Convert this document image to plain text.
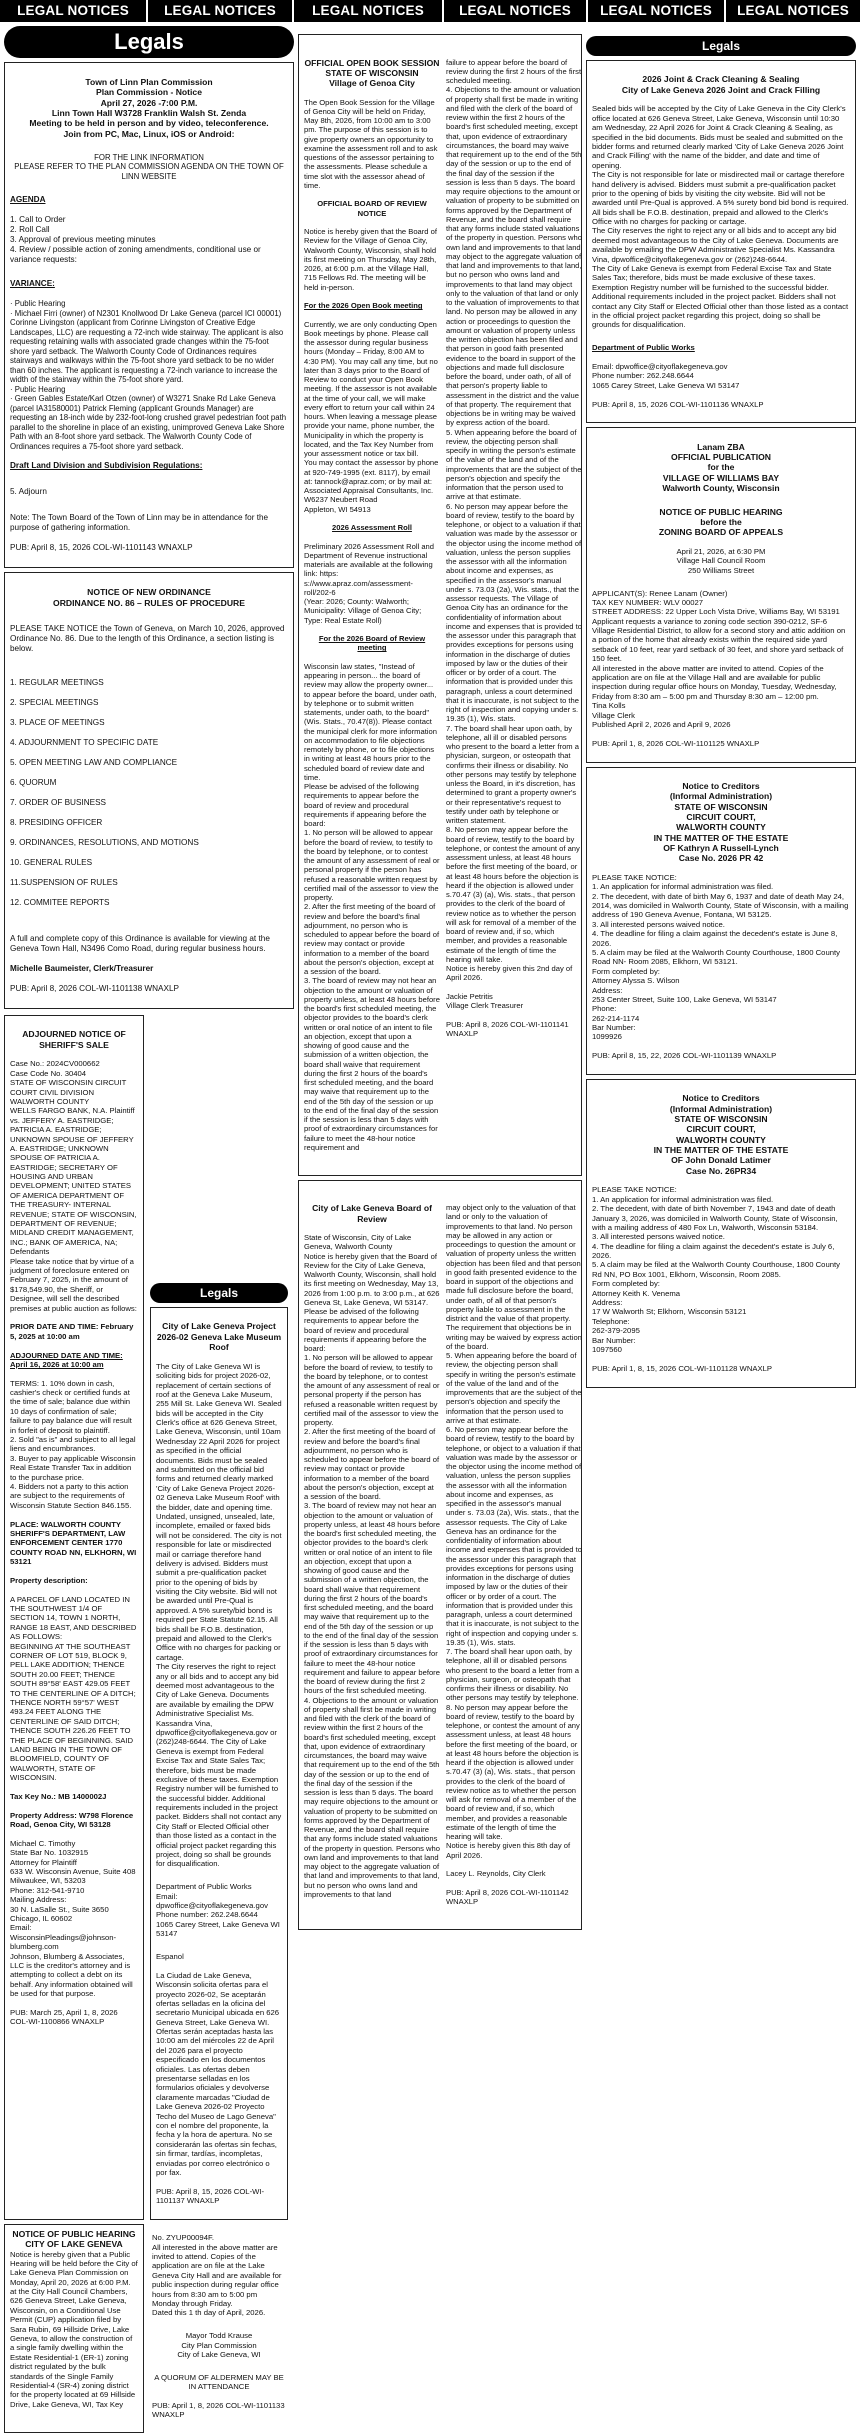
LEGAL NOTICES	LEGAL NOTICES	LEGAL NOTICES	LEGAL NOTICES	LEGAL NOTICES	LEGAL NOTICES
Legals

Town of Linn Plan Commission
Plan Commission - Notice
April 27, 2026 -7:00 P.M.
Linn Town Hall W3728 Franklin Walsh St. Zenda
Meeting to be held in person and by video, teleconference.
Join from PC, Mac, Linux, iOS or Android:

FOR THE LINK INFORMATION
PLEASE REFER TO THE PLAN COMMISSION AGENDA ON THE TOWN OF LINN WEBSITE

AGENDA

1. Call to Order
2. Roll Call
3. Approval of previous meeting minutes
4. Review / possible action of zoning amendments, conditional use or variance requests:

VARIANCE:

· Public Hearing
· Michael Firri (owner) of N2301 Knollwood Dr Lake Geneva (parcel ICI 00001) Corinne Livingston (applicant from Corinne Livingston of Creative Edge Landscapes, LLC) are requesting a 72-inch wide stairway. The applicant is also requesting retaining walls with associated grade changes within the 75-foot shore yard setback. The Walworth County Code of Ordinances requires stairways and walkways within the 75-foot shore yard setback to be no wider than 60 inches. The applicant is requesting a 72-inch variance to increase the width of the stairway within the 75-foot shore yard.
· Public Hearing
· Green Gables Estate/Karl Otzen (owner) of W3271 Snake Rd Lake Geneva (parcel IA31580001) Patrick Fleming (applicant Grounds Manager) are requesting an 18-inch wide by 232-foot-long crushed gravel pedestrian foot path parallel to the shoreline in place of an existing, unimproved Geneva Lake Shore Path with an 8-foot shore yard setback. The Walworth County Code of Ordinances requires a 75-foot shore yard setback.

Draft Land Division and Subdivision Regulations:

5. Adjourn

Note: The Town Board of the Town of Linn may be in attendance for the purpose of gathering information.

PUB: April 8, 15, 2026 COL-WI-1101143 WNAXLP

NOTICE OF NEW ORDINANCE
ORDINANCE NO. 86 – RULES OF PROCEDURE

PLEASE TAKE NOTICE the Town of Geneva, on March 10, 2026, approved Ordinance No. 86. Due to the length of this Ordinance, a section listing is below.

1. REGULAR MEETINGS

2. SPECIAL MEETINGS

3. PLACE OF MEETINGS

4. ADJOURNMENT TO SPECIFIC DATE

5. OPEN MEETING LAW AND COMPLIANCE

6. QUORUM

7. ORDER OF BUSINESS

8. PRESIDING OFFICER

9. ORDINANCES, RESOLUTIONS, AND MOTIONS

10. GENERAL RULES

11.SUSPENSION OF RULES

12. COMMITEE REPORTS

A full and complete copy of this Ordinance is available for viewing at the Geneva Town Hall, N3496 Como Road, during regular business hours.

Michelle Baumeister, Clerk/Treasurer

PUB: April 8, 2026 COL-WI-1101138 WNAXLP

ADJOURNED NOTICE OF SHERIFF'S SALE

Case No.: 2024CV000662
Case Code No. 30404
STATE OF WISCONSIN CIRCUIT COURT CIVIL DIVISION WALWORTH COUNTY
WELLS FARGO BANK, N.A. Plaintiff vs. JEFFERY A. EASTRIDGE; PATRICIA A. EASTRIDGE; UNKNOWN SPOUSE OF JEFFERY A. EASTRIDGE; UNKNOWN SPOUSE OF PATRICIA A. EASTRIDGE; SECRETARY OF HOUSING AND URBAN DEVELOPMENT; UNITED STATES OF AMERICA DEPARTMENT OF THE TREASURY- INTERNAL REVENUE; STATE OF WISCONSIN, DEPARTMENT OF REVENUE; MIDLAND CREDIT MANAGEMENT, INC.; BANK OF AMERICA, NA; Defendants
Please take notice that by virtue of a judgment of foreclosure entered on February 7, 2025, in the amount of $178,549.90, the Sheriff, or Designee, will sell the described premises at public auction as follows:

PRIOR DATE AND TIME: February 5, 2025 at 10:00 am

ADJOURNED DATE AND TIME: April 16, 2026 at 10:00 am

TERMS: 1. 10% down in cash, cashier's check or certified funds at the time of sale; balance due within 10 days of confirmation of sale; failure to pay balance due will result in forfeit of deposit to plaintiff.
2. Sold "as is" and subject to all legal liens and encumbrances.
3. Buyer to pay applicable Wisconsin Real Estate Transfer Tax in addition to the purchase price.
4. Bidders not a party to this action are subject to the requirements of Wisconsin Statute Section 846.155.

PLACE: WALWORTH COUNTY SHERIFF'S DEPARTMENT, LAW ENFORCEMENT CENTER 1770 COUNTY ROAD NN, ELKHORN, WI 53121

Property description:

A PARCEL OF LAND LOCATED IN THE SOUTHWEST 1/4 OF SECTION 14, TOWN 1 NORTH, RANGE 18 EAST, AND DESCRIBED AS FOLLOWS:
BEGINNING AT THE SOUTHEAST CORNER OF LOT 519, BLOCK 9, PELL LAKE ADDITION; THENCE SOUTH 20.00 FEET; THENCE SOUTH 89°58' EAST 429.05 FEET TO THE CENTERLINE OF A DITCH; THENCE NORTH 59°57' WEST 493.24 FEET ALONG THE CENTERLINE OF SAID DITCH; THENCE SOUTH 226.26 FEET TO THE PLACE OF BEGINNING. SAID LAND BEING IN THE TOWN OF BLOOMFIELD, COUNTY OF WALWORTH, STATE OF WISCONSIN.

Tax Key No.: MB 1400002J

Property Address: W798 Florence Road, Genoa City, WI 53128

Michael C. Timothy
State Bar No. 1032915
Attorney for Plaintiff
633 W. Wisconsin Avenue, Suite 408
Milwaukee, WI, 53203
Phone: 312-541-9710
Mailing Address:
30 N. LaSalle St., Suite 3650
Chicago, IL 60602
Email: WisconsinPleadings@johnson-blumberg.com
Johnson, Blumberg & Associates, LLC is the creditor's attorney and is attempting to collect a debt on its behalf. Any information obtained will be used for that purpose.

PUB: March 25, April 1, 8, 2026 COL-WI-1100866 WNAXLP

Legals

City of Lake Geneva Project 2026-02 Geneva Lake Museum Roof

The City of Lake Geneva WI is soliciting bids for project 2026-02, replacement of certain sections of roof at the Geneva Lake Museum, 255 Mill St. Lake Geneva WI. Sealed bids will be accepted in the City Clerk's office at 626 Geneva Street, Lake Geneva, Wisconsin, until 10am Wednesday 22 April 2026 for project as specified in the official documents. Bids must be sealed and submitted on the official bid forms and returned clearly marked 'City of Lake Geneva Project 2026-02 Geneva Lake Museum Roof' with the bidder, date and opening time. Undated, unsigned, unsealed, late, incomplete, emailed or faxed bids will not be considered. The city is not responsible for late or misdirected mail or carriage therefore hand delivery is advised. Bidders must submit a pre-qualification packet prior to the opening of bids by visiting the City website. Bid will not be awarded until Pre-Qual is approved. A 5% surety/bid bond is required per State Statute 62.15. All bids shall be F.O.B. destination, prepaid and allowed to the Clerk's Office with no charges for packing or cartage.
The City reserves the right to reject any or all bids and to accept any bid deemed most advantageous to the City of Lake Geneva. Documents are available by emailing the DPW Administrative Specialist Ms. Kassandra Vina, dpwoffice@cityoflakegeneva.gov or (262)248-6644. The City of Lake Geneva is exempt from Federal Excise Tax and State Sales Tax; therefore, bids must be made exclusive of these taxes. Exemption Registry number will be furnished to the successful bidder. Additional requirements included in the project packet. Bidders shall not contact any City Staff or Elected Official other than those listed as a contact in the official project packet regarding this project, doing so shall be grounds for disqualification.

Department of Public Works
Email: dpwoffice@cityoflakegeneva.gov
Phone number: 262.248.6644
1065 Carey Street, Lake Geneva WI 53147

Espanol

La Ciudad de Lake Geneva, Wisconsin solicita ofertas para el proyecto 2026-02, Se aceptarán ofertas selladas en la oficina del secretario Municipal ubicada en 626 Geneva Street, Lake Geneva WI. Ofertas serán aceptadas hasta las 10:00 am del miércoles 22 de April del 2026 para el proyecto especificado en los documentos oficiales. Las ofertas deben presentarse selladas en los formularios oficiales y devolverse claramente marcadas "Ciudad de Lake Geneva 2026-02 Proyecto Techo del Museo de Lago Geneva" con el nombre del proponente, la fecha y la hora de apertura. No se considerarán las ofertas sin fechas, sin firmar, tardías, incompletas, enviadas por correo electrónico o por fax.

PUB: April 8, 15, 2026 COL-WI-1101137 WNAXLP

NOTICE OF PUBLIC HEARING CITY OF LAKE GENEVA

Notice is hereby given that a Public Hearing will be held before the City of Lake Geneva Plan Commission on Monday, April 20, 2026 at 6:00 P.M. at the City Hall Council Chambers, 626 Geneva Street, Lake Geneva, Wisconsin, on a Conditional Use Permit (CUP) application filed by Sara Rubin, 69 Hillside Drive, Lake Geneva, to allow the construction of a single family dwelling within the Estate Residential-1 (ER-1) zoning district regulated by the bulk standards of the Single Family Residential-4 (SR-4) zoning district for the property located at 69 Hillside Drive, Lake Geneva, WI, Tax Key

No. ZYUP00094F.
All interested in the above matter are invited to attend. Copies of the application are on file at the Lake Geneva City Hall and are available for public inspection during regular office hours from 8:30 am to 5:00 pm Monday through Friday.
Dated this 1 th day of April, 2026.

Mayor Todd Krause
City Plan Commission
City of Lake Geneva, WI

A QUORUM OF ALDERMEN MAY BE IN ATTENDANCE

PUB: April 1, 8, 2026 COL-WI-1101133 WNAXLP

OFFICIAL OPEN BOOK SESSION
STATE OF WISCONSIN
Village of Genoa City

The Open Book Session for the Village of Genoa City will be held on Friday, May 8th, 2026, from 10:00 am to 3:00 pm. The purpose of this session is to give property owners an opportunity to examine the assessment roll and to ask questions of the assessor pertaining to the assessments. Please schedule a time slot with the assessor ahead of time.

OFFICIAL BOARD OF REVIEW NOTICE

Notice is hereby given that the Board of Review for the Village of Genoa City, Walworth County, Wisconsin, shall hold its first meeting on Thursday, May 28th, 2026, at 6:00 p.m. at the Village Hall, 715 Fellows Rd. The meeting will be held in-person.

For the 2026 Open Book meeting

Currently, we are only conducting Open Book meetings by phone. Please call the assessor during regular business hours (Monday – Friday, 8:00 AM to 4:30 PM). You may call any time, but no later than 3 days prior to the Board of Review to conduct your Open Book meeting. If the assessor is not available at the time of your call, we will make every effort to return your call within 24 hours. When leaving a message please provide your name, phone number, the Municipality in which the property is located, and the Tax Key Number from your assessment notice or tax bill.
You may contact the assessor by phone at 920-749-1995 (ext. 8117), by email at: tannock@apraz.com; or by mail at:
Associated Appraisal Consultants, Inc. W6237 Neubert Road
Appleton, WI 54913

2026 Assessment Roll

Preliminary 2026 Assessment Roll and Department of Revenue instructional materials are available at the following link: https: s://www.apraz.com/assessment-roll/202-6
(Year: 2026; County: Walworth; Municipality: Village of Genoa City; Type: Real Estate Roll)

For the 2026 Board of Review meeting

Wisconsin law states, "Instead of appearing in person... the board of review may allow the property owner... to appear before the board, under oath, by telephone or to submit written statements, under oath, to the board" (Wis. Stats., 70.47(8)). Please contact the municipal clerk for more information on accommodation to file objections remotely by phone, or to file objections in writing at least 48 hours prior to the scheduled board of review date and time.
Please be advised of the following requirements to appear before the board of review and procedural requirements if appearing before the board:
1. No person will be allowed to appear before the board of review, to testify to the board by telephone, or to contest the amount of any assessment of real or personal property if the person has refused a reasonable written request by certified mail of the assessor to view the property.
2. After the first meeting of the board of review and before the board's final adjournment, no person who is scheduled to appear before the board of review may contact or provide information to a member of the board about the person's objection, except at a session of the board.
3. The board of review may not hear an objection to the amount or valuation of property unless, at least 48 hours before the board's first scheduled meeting, the objector provides to the board's clerk written or oral notice of an intent to file an objection, except that upon a showing of good cause and the submission of a written objection, the board shall waive that requirement during the first 2 hours of the board's first scheduled meeting, and the board may waive that requirement up to the end of the 5th day of the session or up to the end of the final day of the session if the session is less than 5 days with proof of extraordinary circumstances for failure to meet the 48-hour notice requirement and

failure to appear before the board of review during the first 2 hours of the first scheduled meeting.
4. Objections to the amount or valuation of property shall first be made in writing and filed with the clerk of the board of review within the first 2 hours of the board's first scheduled meeting, except that, upon evidence of extraordinary circumstances, the board may waive that requirement up to the end of the 5th day of the session or up to the end of the final day of the session if the session is less than 5 days. The board may require objections to the amount or valuation of property to be submitted on forms approved by the Department of Revenue, and the board shall require that any forms include stated valuations of the property in question. Persons who own land and improvements to that land may object to the aggregate valuation of that land and improvements to that land, but no person who owns land and improvements to that land may object only to the valuation of that land or only to the valuation of improvements to that land. No person may be allowed in any action or proceedings to question the amount or valuation of property unless the written objection has been filed and that person in good faith presented evidence to the board in support of the objections and made full disclosure before the board, under oath, of all of that person's property liable to assessment in the district and the value of that property. The requirement that objections be in writing may be waived by express action of the board.
5. When appearing before the board of review, the objecting person shall specify in writing the person's estimate of the value of the land and of the improvements that are the subject of the person's objection and specify the information that the person used to arrive at that estimate.
6. No person may appear before the board of review, testify to the board by telephone, or object to a valuation if that valuation was made by the assessor or the objector using the income method of valuation, unless the person supplies the assessor with all the information about income and expenses, as specified in the assessor's manual under s. 73.03 (2a), Wis. stats., that the assessor requests. The Village of Genoa City has an ordinance for the confidentiality of information about income and expenses that is provided to the assessor under this paragraph that provides exceptions for persons using information in the discharge of duties imposed by law or the duties of their officer or by order of a court. The information that is provided under this paragraph, unless a court determined that it is inaccurate, is not subject to the right of inspection and copying under s. 19.35 (1), Wis. stats.
7. The board shall hear upon oath, by telephone, all ill or disabled persons who present to the board a letter from a physician, surgeon, or osteopath that confirms their illness or disability. No other persons may testify by telephone unless the Board, in it's discretion, has determined to grant a property owner's or their representative's request to testify under oath by telephone or written statement.
8. No person may appear before the board of review, testify to the board by telephone, or contest the amount of any assessment unless, at least 48 hours before the first meeting of the board, or at least 48 hours before the objection is heard if the objection is allowed under s.70.47 (3) (a), Wis. stats., that person provides to the clerk of the board of review notice as to whether the person will ask for removal of a member of the board of review and, if so, which member, and provides a reasonable estimate of the length of time the hearing will take.
Notice is hereby given this 2nd day of April 2026.

Jackie Petritis
Village Clerk Treasurer

PUB: April 8, 2026 COL-WI-1101141 WNAXLP

City of Lake Geneva Board of Review

State of Wisconsin, City of Lake Geneva, Walworth County
Notice is hereby given that the Board of Review for the City of Lake Geneva, Walworth County, Wisconsin, shall hold its first meeting on Wednesday, May 13, 2026 from 1:00 p.m. to 3:00 p.m., at 626 Geneva St, Lake Geneva, WI 53147.
Please be advised of the following requirements to appear before the board of review and procedural requirements if appearing before the board:
1. No person will be allowed to appear before the board of review, to testify to the board by telephone, or to contest the amount of any assessment of real or personal property if the person has refused a reasonable written request by certified mail of the assessor to view the property.
2. After the first meeting of the board of review and before the board's final adjournment, no person who is scheduled to appear before the board of review may contact or provide information to a member of the board about the person's objection, except at a session of the board.
3. The board of review may not hear an objection to the amount or valuation of property unless, at least 48 hours before the board's first scheduled meeting, the objector provides to the board's clerk written or oral notice of an intent to file an objection, except that upon a showing of good cause and the submission of a written objection, the board shall waive that requirement during the first 2 hours of the board's first scheduled meeting, and the board may waive that requirement up to the end of the 5th day of the session or up to the end of the final day of the session if the session is less than 5 days with proof of extraordinary circumstances for failure to meet the 48-hour notice requirement and failure to appear before the board of review during the first 2 hours of the first scheduled meeting.
4. Objections to the amount or valuation of property shall first be made in writing and filed with the clerk of the board of review within the first 2 hours of the board's first scheduled meeting, except that, upon evidence of extraordinary circumstances, the board may waive that requirement up to the end of the 5th day of the session or up to the end of the final day of the session if the session is less than 5 days. The board may require objections to the amount or valuation of property to be submitted on forms approved by the Department of Revenue, and the board shall require that any forms include stated valuations of the property in question. Persons who own land and improvements to that land may object to the aggregate valuation of that land and improvements to that land, but no person who owns land and improvements to that land

may object only to the valuation of that land or only to the valuation of improvements to that land. No person may be allowed in any action or proceedings to question the amount or valuation of property unless the written objection has been filed and that person in good faith presented evidence to the board in support of the objections and made full disclosure before the board, under oath, of all of that person's property liable to assessment in the district and the value of that property. The requirement that objections be in writing may be waived by express action of the board.
5. When appearing before the board of review, the objecting person shall specify in writing the person's estimate of the value of the land and of the improvements that are the subject of the person's objection and specify the information that the person used to arrive at that estimate.
6. No person may appear before the board of review, testify to the board by telephone, or object to a valuation if that valuation was made by the assessor or the objector using the income method of valuation, unless the person supplies the assessor with all the information about income and expenses, as specified in the assessor's manual under s. 73.03 (2a), Wis. stats., that the assessor requests. The City of Lake Geneva has an ordinance for the confidentiality of information about income and expenses that is provided to the assessor under this paragraph that provides exceptions for persons using information in the discharge of duties imposed by law or the duties of their officer or by order of a court. The information that is provided under this paragraph, unless a court determined that it is inaccurate, is not subject to the right of inspection and copying under s. 19.35 (1), Wis. stats.
7. The board shall hear upon oath, by telephone, all ill or disabled persons who present to the board a letter from a physician, surgeon, or osteopath that confirms their illness or disability. No other persons may testify by telephone.
8. No person may appear before the board of review, testify to the board by telephone, or contest the amount of any assessment unless, at least 48 hours before the first meeting of the board, or at least 48 hours before the objection is heard if the objection is allowed under s.70.47 (3) (a), Wis. stats., that person provides to the clerk of the board of review notice as to whether the person will ask for removal of a member of the board of review and, if so, which member, and provides a reasonable estimate of the length of time the hearing will take.
Notice is hereby given this 8th day of April 2026.

Lacey L. Reynolds, City Clerk

PUB: April 8, 2026 COL-WI-1101142 WNAXLP

Legals

2026 Joint & Crack Cleaning & Sealing
City of Lake Geneva 2026 Joint and Crack Filling

Sealed bids will be accepted by the City of Lake Geneva in the City Clerk's office located at 626 Geneva Street, Lake Geneva, Wisconsin until 10:30 am Wednesday, 22 April 2026 for Joint & Crack Cleaning & Sealing, as specified in the bid documents. Bids must be sealed and submitted on the bidder forms and returned clearly marked 'City of Lake Geneva 2026 Joint and Crack Filling' with the name of the bidder, and date and time of opening.
The City is not responsible for late or misdirected mail or cartage therefore hand delivery is advised. Bidders must submit a pre-qualification packet prior to the opening of bids by visiting the city website. Bid will not be awarded until Pre-Qual is approved. A 5% surety bond bid bond is required. All bids shall be F.O.B. destination, prepaid and allowed to the Clerk's Office with no charges for packing or cartage.
The City reserves the right to reject any or all bids and to accept any bid deemed most advantageous to the City of Lake Geneva. Documents are available by emailing the DPW Administrative Specialist Ms. Kassandra Vina, dpwoffice@cityoflakegeneva.gov or (262)248-6644.
The City of Lake Geneva is exempt from Federal Excise Tax and State Sales Tax; therefore, bids must be made exclusive of these taxes. Exemption Registry number will be furnished to the successful bidder. Additional requirements included in the project packet. Bidders shall not contact any City Staff or Elected Official other than those listed as a contact in the official project packet regarding this project, doing so shall be grounds for disqualification.

Department of Public Works

Email: dpwoffice@cityoflakegeneva.gov
Phone number: 262.248.6644
1065 Carey Street, Lake Geneva WI 53147

PUB: April 8, 15, 2026 COL-WI-1101136 WNAXLP

Lanam ZBA
OFFICIAL PUBLICATION
for the
VILLAGE OF WILLIAMS BAY
Walworth County, Wisconsin

NOTICE OF PUBLIC HEARING
before the
ZONING BOARD OF APPEALS

April 21, 2026, at 6:30 PM
Village Hall Council Room
250 Williams Street

APPLICANT(S): Renee Lanam (Owner)
TAX KEY NUMBER: WLV 00027
STREET ADDRESS: 22 Upper Loch Vista Drive, Williams Bay, WI 53191
Applicant requests a variance to zoning code section 390-0212, SF-6 Village Residential District, to allow for a second story and attic addition on a portion of the home that already exists within the required side yard setback of 10 feet, rear yard setback of 30 feet, and shore yard setback of 150 feet.
All interested in the above matter are invited to attend. Copies of the application are on file at the Village Hall and are available for public inspection during regular office hours on Monday, Tuesday, Wednesday, Friday from 8:30 am – 5:00 pm and Thursday 8:30 am – 12:00 pm.
Tina Kolls
Village Clerk
Published April 2, 2026 and April 9, 2026

PUB: April 1, 8, 2026 COL-WI-1101125 WNAXLP

Notice to Creditors
(Informal Administration)
STATE OF WISCONSIN
CIRCUIT COURT,
WALWORTH COUNTY
IN THE MATTER OF THE ESTATE
OF Kathryn A Russell-Lynch
Case No. 2026 PR 42

PLEASE TAKE NOTICE:
1. An application for informal administration was filed.
2. The decedent, with date of birth May 6, 1937 and date of death May 24, 2014, was domiciled in Walworth County, State of Wisconsin, with a mailing address of 190 Geneva Avenue, Fontana, WI 53125.
3. All interested persons waived notice.
4. The deadline for filing a claim against the decedent's estate is June 8, 2026.
5. A claim may be filed at the Walworth County Courthouse, 1800 County Road NN- Room 2085, Elkhorn, WI 53121.
Form completed by:
Attorney Alyssa S. Wilson
Address:
253 Center Street, Suite 100, Lake Geneva, WI 53147
Phone:
262-214-1174
Bar Number:
1099926

PUB: April 8, 15, 22, 2026 COL-WI-1101139 WNAXLP

Notice to Creditors
(Informal Administration)
STATE OF WISCONSIN
CIRCUIT COURT,
WALWORTH COUNTY
IN THE MATTER OF THE ESTATE
OF John Donald Latimer
Case No. 26PR34

PLEASE TAKE NOTICE:
1. An application for informal administration was filed.
2. The decedent, with date of birth November 7, 1943 and date of death January 3, 2026, was domiciled in Walworth County, State of Wisconsin, with a mailing address of 480 Fox Ln, Walworth, Wisconsin 53184.
3. All interested persons waived notice.
4. The deadline for filing a claim against the decedent's estate is July 6, 2026.
5. A claim may be filed at the Walworth County Courthouse, 1800 County Rd NN, PO Box 1001, Elkhorn, Wisconsin, Room 2085.
Form completed by:
Attorney Keith K. Venema
Address:
17 W Walworth St; Elkhorn, Wisconsin 53121
Telephone:
262-379-2095
Bar Number:
1097560

PUB: April 1, 8, 15, 2026 COL-WI-1101128 WNAXLP
